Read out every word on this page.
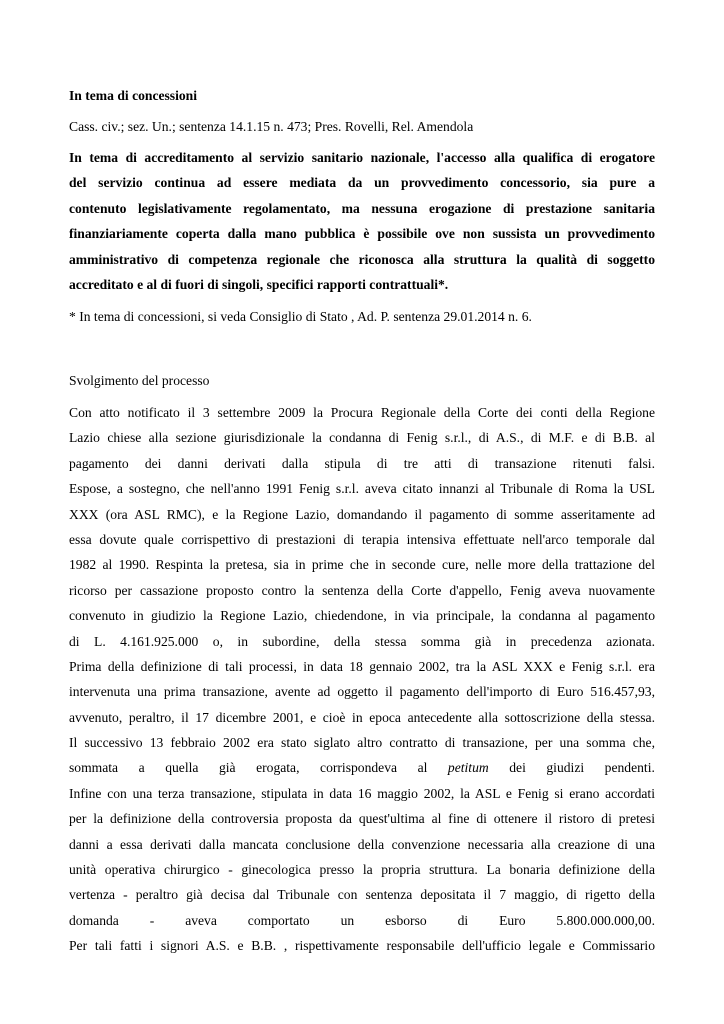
In tema di concessioni
Cass. civ.; sez. Un.; sentenza 14.1.15 n. 473; Pres. Rovelli, Rel. Amendola
In tema di accreditamento al servizio sanitario nazionale, l'accesso alla qualifica di erogatore
del servizio continua ad essere mediata da un provvedimento concessorio, sia pure a
contenuto legislativamente regolamentato, ma nessuna erogazione di prestazione sanitaria
finanziariamente coperta dalla mano pubblica è possibile ove non sussista un provvedimento
amministrativo di competenza regionale che riconosca alla struttura la qualità di soggetto
accreditato e al di fuori di singoli, specifici rapporti contrattuali*.
* In tema di concessioni, si veda Consiglio di Stato , Ad. P. sentenza 29.01.2014 n. 6.
Svolgimento del processo
Con atto notificato il 3 settembre 2009 la Procura Regionale della Corte dei conti della Regione
Lazio chiese alla sezione giurisdizionale la condanna di Fenig s.r.l., di A.S., di M.F. e di B.B. al
pagamento dei danni derivati dalla stipula di tre atti di transazione ritenuti falsi.
Espose, a sostegno, che nell'anno 1991 Fenig s.r.l. aveva citato innanzi al Tribunale di Roma la USL
XXX (ora ASL RMC), e la Regione Lazio, domandando il pagamento di somme asseritamente ad
essa dovute quale corrispettivo di prestazioni di terapia intensiva effettuate nell'arco temporale dal
1982 al 1990. Respinta la pretesa, sia in prime che in seconde cure, nelle more della trattazione del
ricorso per cassazione proposto contro la sentenza della Corte d'appello, Fenig aveva nuovamente
convenuto in giudizio la Regione Lazio, chiedendone, in via principale, la condanna al pagamento
di L. 4.161.925.000 o, in subordine, della stessa somma già in precedenza azionata.
Prima della definizione di tali processi, in data 18 gennaio 2002, tra la ASL XXX e Fenig s.r.l. era
intervenuta una prima transazione, avente ad oggetto il pagamento dell'importo di Euro 516.457,93,
avvenuto, peraltro, il 17 dicembre 2001, e cioè in epoca antecedente alla sottoscrizione della stessa.
Il successivo 13 febbraio 2002 era stato siglato altro contratto di transazione, per una somma che,
sommata a quella già erogata, corrispondeva al petitum dei giudizi pendenti.
Infine con una terza transazione, stipulata in data 16 maggio 2002, la ASL e Fenig si erano accordati
per la definizione della controversia proposta da quest'ultima al fine di ottenere il ristoro di pretesi
danni a essa derivati dalla mancata conclusione della convenzione necessaria alla creazione di una
unità operativa chirurgico - ginecologica presso la propria struttura. La bonaria definizione della
vertenza - peraltro già decisa dal Tribunale con sentenza depositata il 7 maggio, di rigetto della
domanda - aveva comportato un esborso di Euro 5.800.000.000,00.
Per tali fatti i signori A.S. e B.B. , rispettivamente responsabile dell'ufficio legale e Commissario
